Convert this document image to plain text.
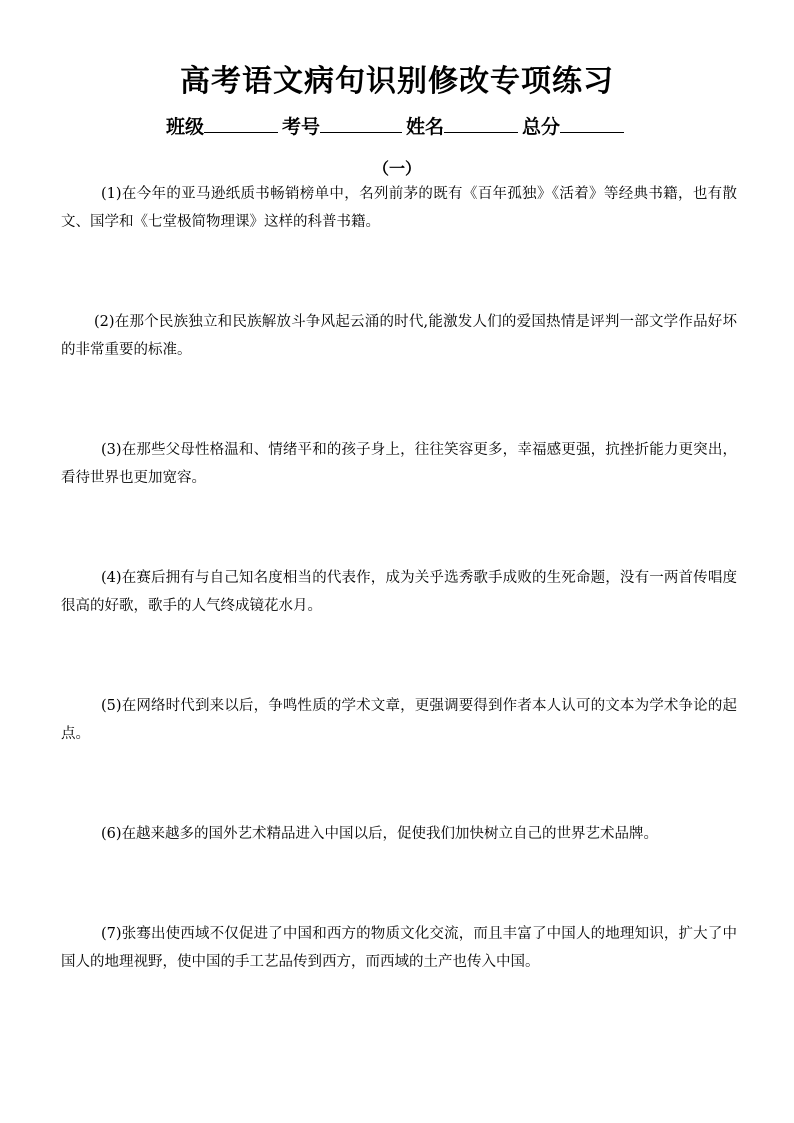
高考语文病句识别修改专项练习
班级	考号	姓名	总分
（一）

(1)在今年的亚马逊纸质书畅销榜单中，名列前茅的既有《百年孤独》《活着》等经典书籍，也有散文、国学和《七堂极简物理课》这样的科普书籍。

(2)在那个民族独立和民族解放斗争风起云涌的时代,能激发人们的爱国热情是评判一部文学作品好坏的非常重要的标准。

(3)在那些父母性格温和、情绪平和的孩子身上，往往笑容更多，幸福感更强，抗挫折能力更突出，看待世界也更加宽容。

(4)在赛后拥有与自己知名度相当的代表作，成为关乎选秀歌手成败的生死命题，没有一两首传唱度很高的好歌，歌手的人气终成镜花水月。

(5)在网络时代到来以后，争鸣性质的学术文章，更强调要得到作者本人认可的文本为学术争论的起点。

(6)在越来越多的国外艺术精品进入中国以后，促使我们加快树立自己的世界艺术品牌。

(7)张骞出使西域不仅促进了中国和西方的物质文化交流，而且丰富了中国人的地理知识，扩大了中国人的地理视野，使中国的手工艺品传到西方，而西域的土产也传入中国。
